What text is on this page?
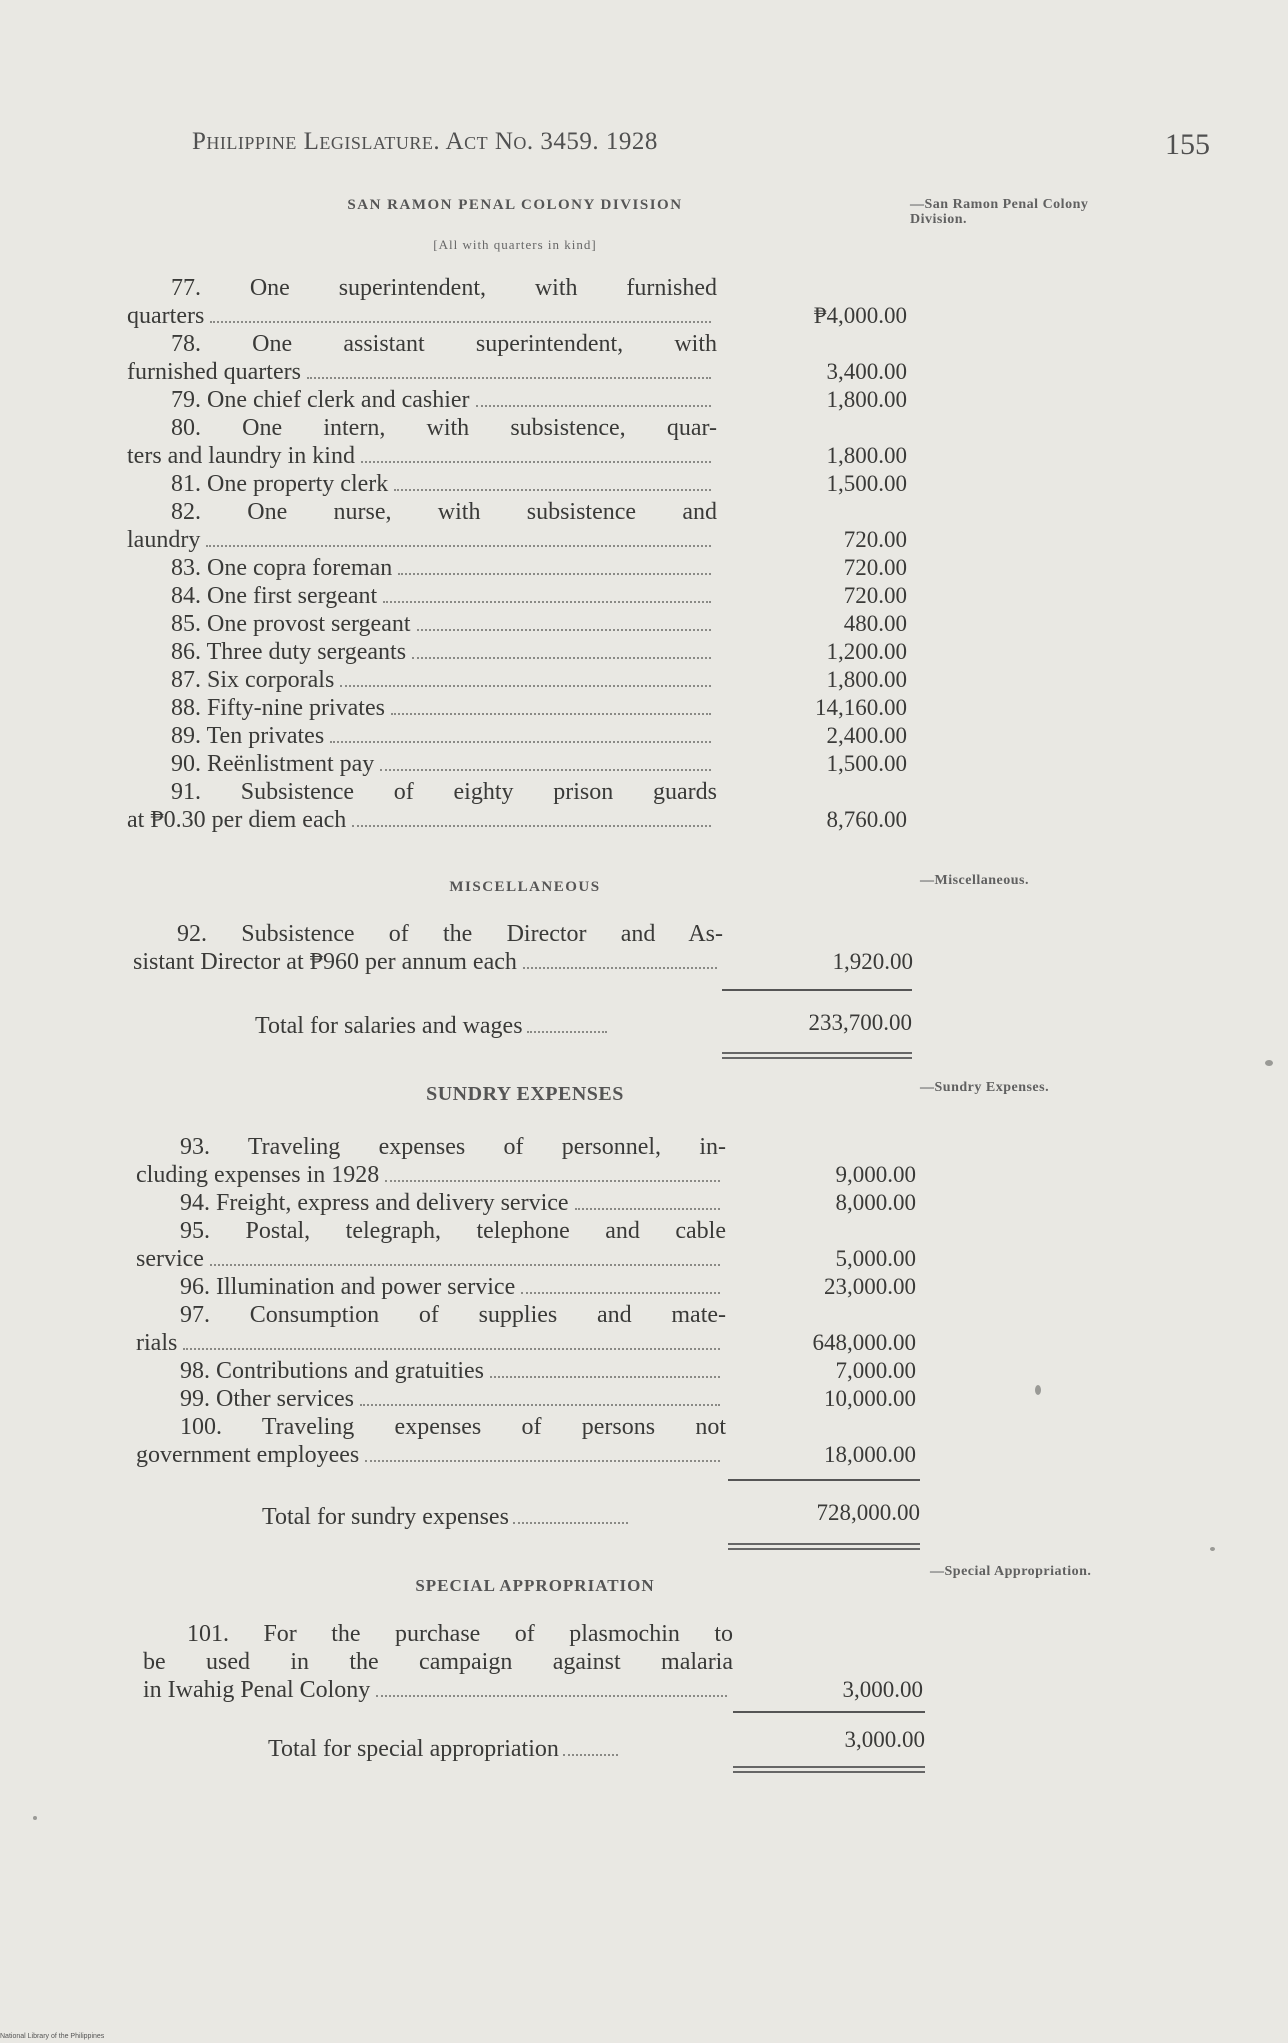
Philippine Legislature. Act No. 3459. 1928	155
SAN RAMON PENAL COLONY DIVISION
[All with quarters in kind]
—San Ramon Penal Colony Division.
77. One superintendent, with furnished
quarters	₱4,000.00
78. One assistant superintendent, with
furnished quarters	3,400.00
79. One chief clerk and cashier	1,800.00
80. One intern, with subsistence, quar-
ters and laundry in kind	1,800.00
81. One property clerk	1,500.00
82. One nurse, with subsistence and
laundry	720.00
83. One copra foreman	720.00
84. One first sergeant	720.00
85. One provost sergeant	480.00
86. Three duty sergeants	1,200.00
87. Six corporals	1,800.00
88. Fifty-nine privates	14,160.00
89. Ten privates	2,400.00
90. Reënlistment pay	1,500.00
91. Subsistence of eighty prison guards
at ₱0.30 per diem each	8,760.00
MISCELLANEOUS	—Miscellaneous.
92. Subsistence of the Director and As-
sistant Director at ₱960 per annum each	1,920.00
Total for salaries and wages	233,700.00
SUNDRY EXPENSES	—Sundry Expenses.
93. Traveling expenses of personnel, in-
cluding expenses in 1928	9,000.00
94. Freight, express and delivery service	8,000.00
95. Postal, telegraph, telephone and cable
service	5,000.00
96. Illumination and power service	23,000.00
97. Consumption of supplies and mate-
rials	648,000.00
98. Contributions and gratuities	7,000.00
99. Other services	10,000.00
100. Traveling expenses of persons not
government employees	18,000.00
Total for sundry expenses	728,000.00
SPECIAL APPROPRIATION
—Special Appropriation.
101. For the purchase of plasmochin to
be used in the campaign against malaria
in Iwahig Penal Colony	3,000.00
Total for special appropriation	3,000.00
National Library of the Philippines
